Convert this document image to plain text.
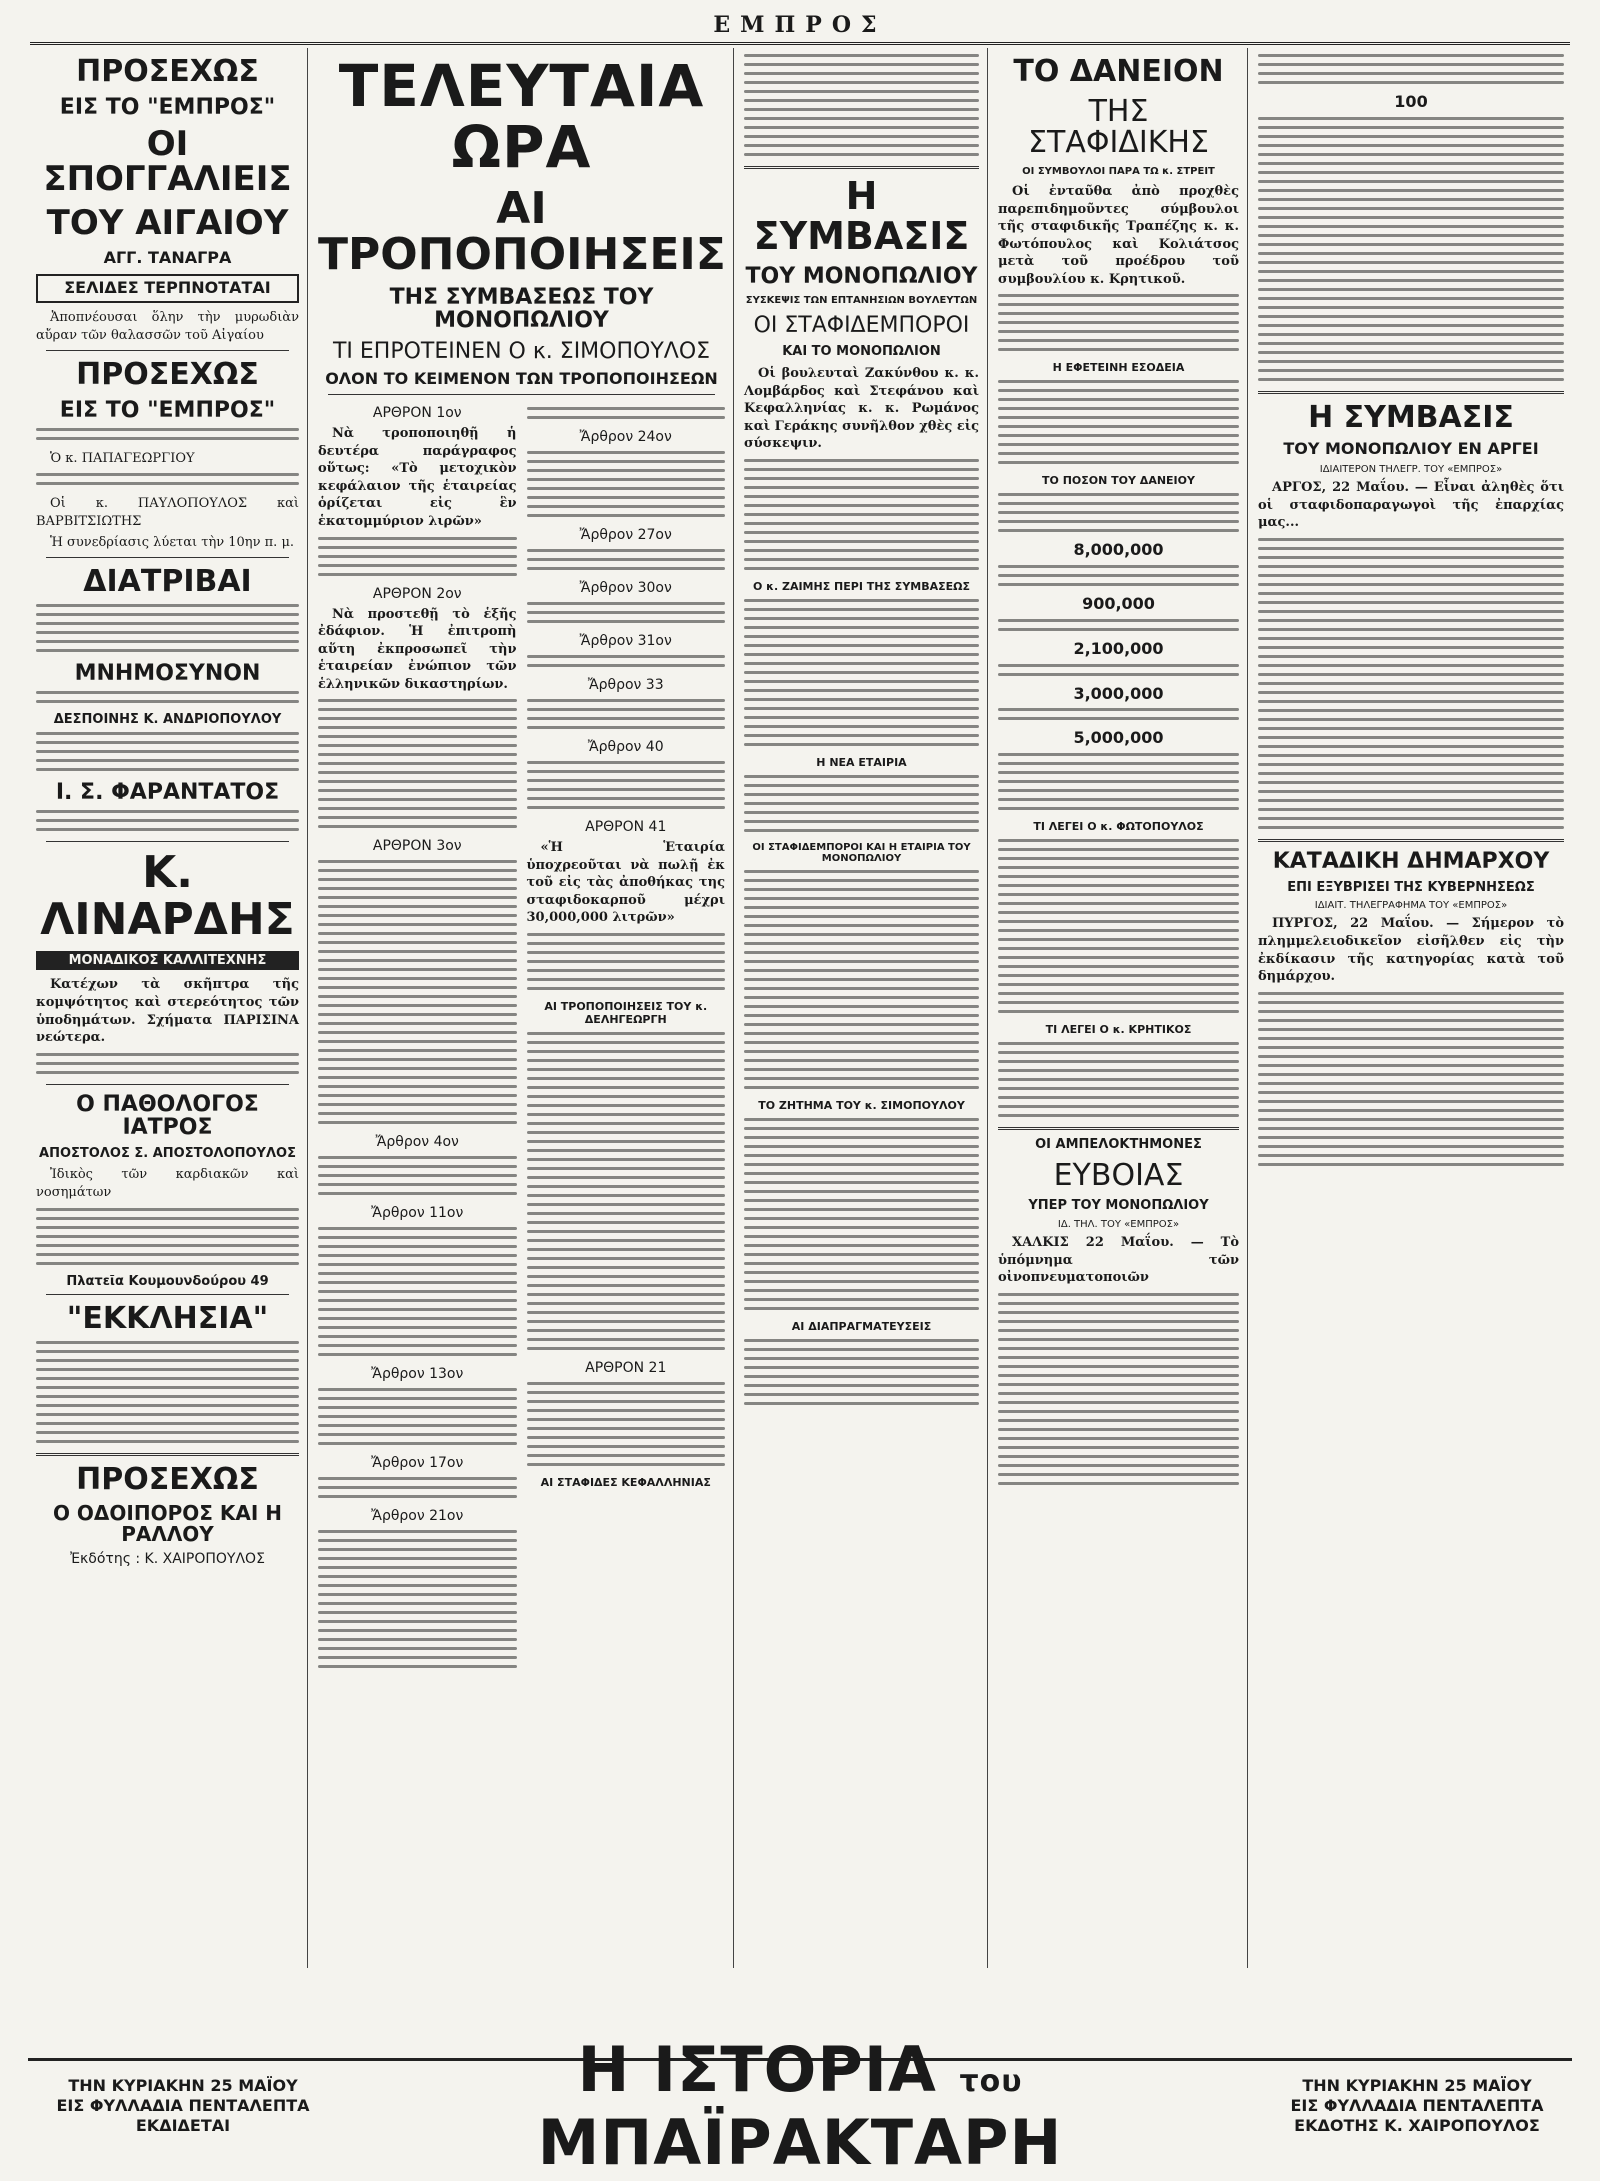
ΕΜΠΡΟΣ
ΠΡΟΣΕΧΩΣ
ΕΙΣ ΤΟ "ΕΜΠΡΟΣ"
ΟΙ ΣΠΟΓΓΑΛΙΕΙΣ
ΤΟΥ ΑΙΓΑΙΟΥ
ΑΓΓ. ΤΑΝΑΓΡΑ
ΣΕΛΙΔΕΣ ΤΕΡΠΝΟΤΑΤΑΙ

Ἀποπνέουσαι ὅλην τὴν μυρωδιὰν αὔραν τῶν θαλασσῶν τοῦ Αἰγαίου

ΠΡΟΣΕΧΩΣ
ΕΙΣ ΤΟ "ΕΜΠΡΟΣ"

Ὁ κ. ΠΑΠΑΓΕΩΡΓΙΟΥ

Οἱ κ. ΠΑΥΛΟΠΟΥΛΟΣ καὶ ΒΑΡΒΙΤΣΙΩΤΗΣ

Ἡ συνεδρίασις λύεται τὴν 10ην π. μ.

ΔΙΑΤΡΙΒΑΙ
ΜΝΗΜΟΣΥΝΟΝ
ΔΕΣΠΟΙΝΗΣ Κ. ΑΝΔΡΙΟΠΟΥΛΟΥ
Ι. Σ. ΦΑΡΑΝΤΑΤΟΣ
Κ. ΛΙΝΑΡΔΗΣ
ΜΟΝΑΔΙΚΟΣ ΚΑΛΛΙΤΕΧΝΗΣ

Κατέχων τὰ σκῆπτρα τῆς κομψότητος καὶ στερεότητος τῶν ὑποδημάτων. Σχήματα ΠΑΡΙΣΙΝΑ νεώτερα.

Ο ΠΑΘΟΛΟΓΟΣ ΙΑΤΡΟΣ
ΑΠΟΣΤΟΛΟΣ Σ. ΑΠΟΣΤΟΛΟΠΟΥΛΟΣ

Ἰδικὸς τῶν καρδιακῶν καὶ νοσημάτων

Πλατεῖα Κουμουνδούρου 49
"ΕΚΚΛΗΣΙΑ"
ΠΡΟΣΕΧΩΣ
Ο ΟΔΟΙΠΟΡΟΣ ΚΑΙ Η ΡΑΛΛΟΥ
Ἐκδότης : Κ. ΧΑΙΡΟΠΟΥΛΟΣ
ΤΕΛΕΥΤΑΙΑ ΩΡΑ
ΑΙ ΤΡΟΠΟΠΟΙΗΣΕΙΣ
ΤΗΣ ΣΥΜΒΑΣΕΩΣ ΤΟΥ ΜΟΝΟΠΩΛΙΟΥ
ΤΙ ΕΠΡΟΤΕΙΝΕΝ Ο κ. ΣΙΜΟΠΟΥΛΟΣ
ΟΛΟΝ ΤΟ ΚΕΙΜΕΝΟΝ ΤΩΝ ΤΡΟΠΟΠΟΙΗΣΕΩΝ
ΑΡΘΡΟΝ 1ον

Νὰ τροποποιηθῇ ἡ δευτέρα παράγραφος οὕτως: «Τὸ μετοχικὸν κεφάλαιον τῆς ἑταιρείας ὁρίζεται εἰς ἓν ἑκατομμύριον λιρῶν»

ΑΡΘΡΟΝ 2ον

Νὰ προστεθῇ τὸ ἑξῆς ἐδάφιον. Ἡ ἐπιτροπὴ αὕτη ἐκπροσωπεῖ τὴν ἑταιρείαν ἐνώπιον τῶν ἑλληνικῶν δικαστηρίων.

ΑΡΘΡΟΝ 3ον
Ἄρθρον 4ον
Ἄρθρον 11ον
Ἄρθρον 13ον
Ἄρθρον 17ον
Ἄρθρον 21ον
Ἄρθρον 24ον
Ἄρθρον 27ον
Ἄρθρον 30ον
Ἄρθρον 31ον
Ἄρθρον 33
Ἄρθρον 40
ΑΡΘΡΟΝ 41

«Ἡ Ἑταιρία ὑποχρεοῦται νὰ πωλῇ ἐκ τοῦ εἰς τὰς ἀποθήκας της σταφιδοκαρποῦ μέχρι 30,000,000 λιτρῶν»

ΑΙ ΤΡΟΠΟΠΟΙΗΣΕΙΣ ΤΟΥ κ. ΔΕΛΗΓΕΩΡΓΗ
ΑΡΘΡΟΝ 21
ΑΙ ΣΤΑΦΙΔΕΣ ΚΕΦΑΛΛΗΝΙΑΣ
Η ΣΥΜΒΑΣΙΣ
ΤΟΥ ΜΟΝΟΠΩΛΙΟΥ
ΣΥΣΚΕΨΙΣ ΤΩΝ ΕΠΤΑΝΗΣΙΩΝ ΒΟΥΛΕΥΤΩΝ
ΟΙ ΣΤΑΦΙΔΕΜΠΟΡΟΙ
ΚΑΙ ΤΟ ΜΟΝΟΠΩΛΙΟΝ

Οἱ βουλευταὶ Ζακύνθου κ. κ. Λομβάρδος καὶ Στεφάνου καὶ Κεφαλληνίας κ. κ. Ρωμάνος καὶ Γεράκης συνῆλθον χθὲς εἰς σύσκεψιν.

Ο κ. ΖΑΙΜΗΣ ΠΕΡΙ ΤΗΣ ΣΥΜΒΑΣΕΩΣ
Η ΝΕΑ ΕΤΑΙΡΙΑ
ΟΙ ΣΤΑΦΙΔΕΜΠΟΡΟΙ ΚΑΙ Η ΕΤΑΙΡΙΑ ΤΟΥ ΜΟΝΟΠΩΛΙΟΥ
ΤΟ ΖΗΤΗΜΑ ΤΟΥ κ. ΣΙΜΟΠΟΥΛΟΥ
ΑΙ ΔΙΑΠΡΑΓΜΑΤΕΥΣΕΙΣ
ΤΟ ΔΑΝΕΙΟΝ
ΤΗΣ ΣΤΑΦΙΔΙΚΗΣ
ΟΙ ΣΥΜΒΟΥΛΟΙ ΠΑΡΑ ΤΩ κ. ΣΤΡΕΙΤ

Οἱ ἐνταῦθα ἀπὸ προχθὲς παρεπιδημοῦντες σύμβουλοι τῆς σταφιδικῆς Τραπέζης κ. κ. Φωτόπουλος καὶ Κολιάτσος μετὰ τοῦ προέδρου τοῦ συμβουλίου κ. Κρητικοῦ.

Η ΕΦΕΤΕΙΝΗ ΕΣΟΔΕΙΑ
ΤΟ ΠΟΣΟΝ ΤΟΥ ΔΑΝΕΙΟΥ
8,000,000
900,000
2,100,000
3,000,000
5,000,000
ΤΙ ΛΕΓΕΙ Ο κ. ΦΩΤΟΠΟΥΛΟΣ
ΤΙ ΛΕΓΕΙ Ο κ. ΚΡΗΤΙΚΟΣ
ΟΙ ΑΜΠΕΛΟΚΤΗΜΟΝΕΣ
ΕΥΒΟΙΑΣ
ΥΠΕΡ ΤΟΥ ΜΟΝΟΠΩΛΙΟΥ
ΙΔ. ΤΗΛ. ΤΟΥ «ΕΜΠΡΟΣ»

ΧΑΛΚΙΣ 22 Μαΐου. — Τὸ ὑπόμνημα τῶν οἰνοπνευματοποιῶν

100
Η ΣΥΜΒΑΣΙΣ
ΤΟΥ ΜΟΝΟΠΩΛΙΟΥ ΕΝ ΑΡΓΕΙ
ΙΔΙΑΙΤΕΡΟΝ ΤΗΛΕΓΡ. ΤΟΥ «ΕΜΠΡΟΣ»

ΑΡΓΟΣ, 22 Μαΐου. — Εἶναι ἀληθὲς ὅτι οἱ σταφιδοπαραγωγοὶ τῆς ἐπαρχίας μας...

ΚΑΤΑΔΙΚΗ ΔΗΜΑΡΧΟΥ
ΕΠΙ ΕΞΥΒΡΙΣΕΙ ΤΗΣ ΚΥΒΕΡΝΗΣΕΩΣ
ΙΔΙΑΙΤ. ΤΗΛΕΓΡΑΦΗΜΑ ΤΟΥ «ΕΜΠΡΟΣ»

ΠΥΡΓΟΣ, 22 Μαΐου. — Σήμερον τὸ πλημμελειοδικεῖον εἰσῆλθεν εἰς τὴν ἐκδίκασιν τῆς κατηγορίας κατὰ τοῦ δημάρχου.

ΤΗΝ ΚΥΡΙΑΚΗΝ 25 ΜΑΪΟΥ
ΕΙΣ ΦΥΛΛΑΔΙΑ ΠΕΝΤΑΛΕΠΤΑ
ΕΚΔΙΔΕΤΑΙ
Η ΙΣΤΟΡΙΑ του ΜΠΑΪΡΑΚΤΑΡΗ
ΤΗΝ ΚΥΡΙΑΚΗΝ 25 ΜΑΪΟΥ
ΕΙΣ ΦΥΛΛΑΔΙΑ ΠΕΝΤΑΛΕΠΤΑ
ΕΚΔΟΤΗΣ Κ. ΧΑΙΡΟΠΟΥΛΟΣ
